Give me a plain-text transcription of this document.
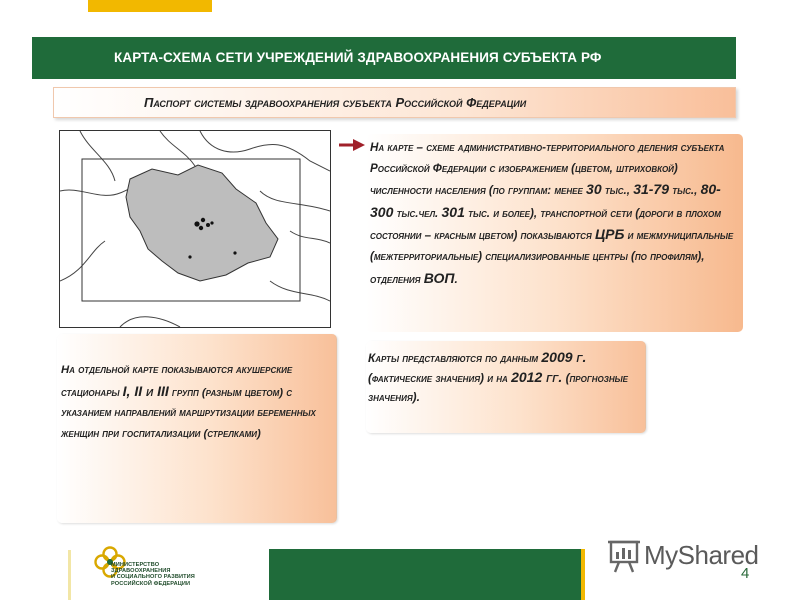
КАРТА-СХЕМА СЕТИ УЧРЕЖДЕНИЙ ЗДРАВООХРАНЕНИЯ СУБЪЕКТА РФ
Паспорт системы здравоохранения субъекта Российской Федерации
На карте – схеме административно-территориального деления субъекта Российской Федерации с изображением (цветом, штриховкой) численности населения (по группам: менее 30 тыс., 31-79 тыс., 80-300 тыс.чел. 301 тыс. и более), транспортной сети (дороги в плохом состоянии – красным цветом) показываются ЦРБ и межмуниципальные (межтерриториальные) специализированные центры (по профилям), отделения ВОП.
На отдельной карте показываются акушерские стационары I, II и III групп (разным цветом) с указанием направлений маршрутизации беременных женщин при госпитализации (стрелками)
Карты представляются по данным 2009 г. (фактические значения) и на 2012 гг. (прогнозные значения).
МИНИСТЕРСТВО
ЗДРАВООХРАНЕНИЯ
И СОЦИАЛЬНОГО РАЗВИТИЯ
РОССИЙСКОЙ ФЕДЕРАЦИИ
MyShared
4
